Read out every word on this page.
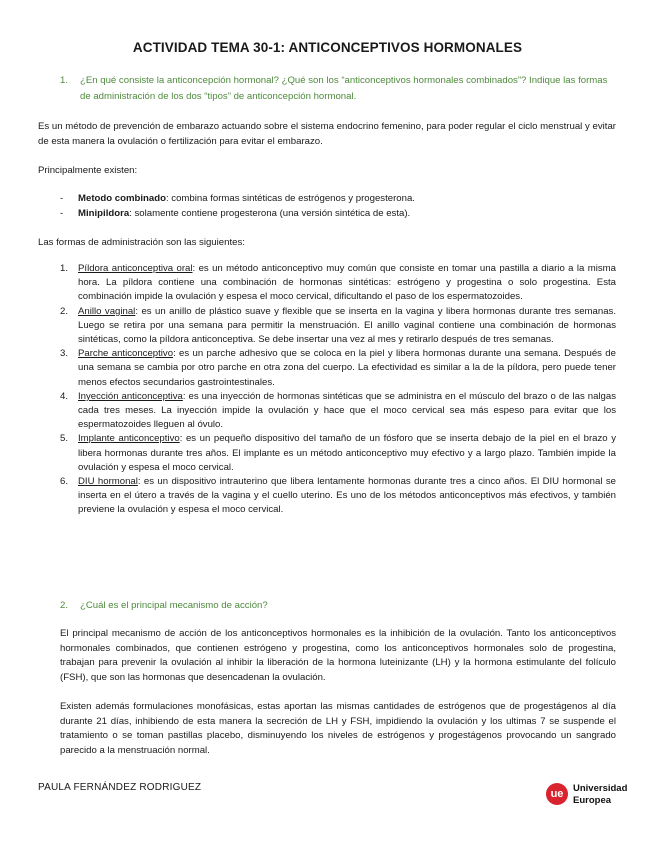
ACTIVIDAD TEMA 30-1: ANTICONCEPTIVOS HORMONALES
1. ¿En qué consiste la anticoncepción hormonal? ¿Qué son los “anticonceptivos hormonales combinados”? Indique las formas de administración de los dos “tipos” de anticoncepción hormonal.
Es un método de prevención de embarazo actuando sobre el sistema endocrino femenino, para poder regular el ciclo menstrual y evitar de esta manera la ovulación o fertilización para evitar el embarazo.
Principalmente existen:
- Metodo combinado: combina formas sintéticas de estrógenos y progesterona.
- Minipildora: solamente contiene progesterona (una versión sintética de esta).
Las formas de administración son las siguientes:
1. Píldora anticonceptiva oral: es un método anticonceptivo muy común que consiste en tomar una pastilla a diario a la misma hora. La píldora contiene una combinación de hormonas sintéticas: estrógeno y progestina o solo progestina. Esta combinación impide la ovulación y espesa el moco cervical, dificultando el paso de los espermatozoides.
2. Anillo vaginal: es un anillo de plástico suave y flexible que se inserta en la vagina y libera hormonas durante tres semanas. Luego se retira por una semana para permitir la menstruación. El anillo vaginal contiene una combinación de hormonas sintéticas, como la píldora anticonceptiva. Se debe insertar una vez al mes y retirarlo después de tres semanas.
3. Parche anticonceptivo: es un parche adhesivo que se coloca en la piel y libera hormonas durante una semana. Después de una semana se cambia por otro parche en otra zona del cuerpo. La efectividad es similar a la de la píldora, pero puede tener menos efectos secundarios gastrointestinales.
4. Inyección anticonceptiva: es una inyección de hormonas sintéticas que se administra en el músculo del brazo o de las nalgas cada tres meses. La inyección impide la ovulación y hace que el moco cervical sea más espeso para evitar que los espermatozoides lleguen al óvulo.
5. Implante anticonceptivo: es un pequeño dispositivo del tamaño de un fósforo que se inserta debajo de la piel en el brazo y libera hormonas durante tres años. El implante es un método anticonceptivo muy efectivo y a largo plazo. También impide la ovulación y espesa el moco cervical.
6. DIU hormonal: es un dispositivo intrauterino que libera lentamente hormonas durante tres a cinco años. El DIU hormonal se inserta en el útero a través de la vagina y el cuello uterino. Es uno de los métodos anticonceptivos más efectivos, y también previene la ovulación y espesa el moco cervical.
2. ¿Cuál es el principal mecanismo de acción?
El principal mecanismo de acción de los anticonceptivos hormonales es la inhibición de la ovulación. Tanto los anticonceptivos hormonales combinados, que contienen estrógeno y progestina, como los anticonceptivos hormonales solo de progestina, trabajan para prevenir la ovulación al inhibir la liberación de la hormona luteinizante (LH) y la hormona estimulante del folículo (FSH), que son las hormonas que desencadenan la ovulación.
Existen además formulaciones monofásicas, estas aportan las mismas cantidades de estrógenos que de progestágenos al día durante 21 días, inhibiendo de esta manera la secreción de LH y FSH, impidiendo la ovulación y los ultimas 7 se suspende el tratamiento o se toman pastillas placebo, disminuyendo los niveles de estrógenos y progestágenos provocando un sangrado parecido a la menstruación normal.
PAULA FERNÁNDEZ RODRIGUEZ
ue	Universidad
Europea
